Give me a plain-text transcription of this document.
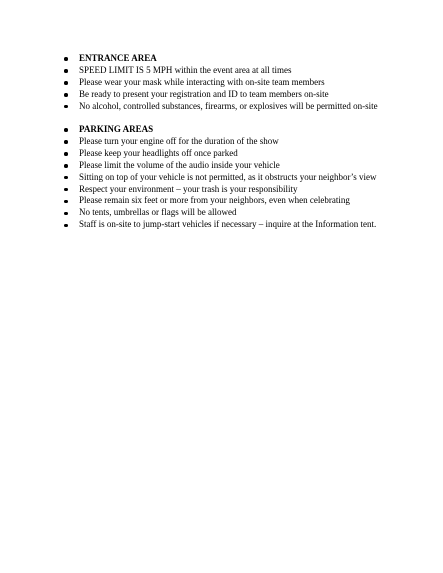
ENTRANCE AREA
SPEED LIMIT IS 5 MPH within the event area at all times
Please wear your mask while interacting with on-site team members
Be ready to present your registration and ID to team members on-site
No alcohol, controlled substances, firearms, or explosives will be permitted on-site
PARKING AREAS
Please turn your engine off for the duration of the show
Please keep your headlights off once parked
Please limit the volume of the audio inside your vehicle
Sitting on top of your vehicle is not permitted, as it obstructs your neighbor’s view
Respect your environment – your trash is your responsibility
Please remain six feet or more from your neighbors, even when celebrating
No tents, umbrellas or flags will be allowed
Staff is on-site to jump-start vehicles if necessary – inquire at the Information tent.
